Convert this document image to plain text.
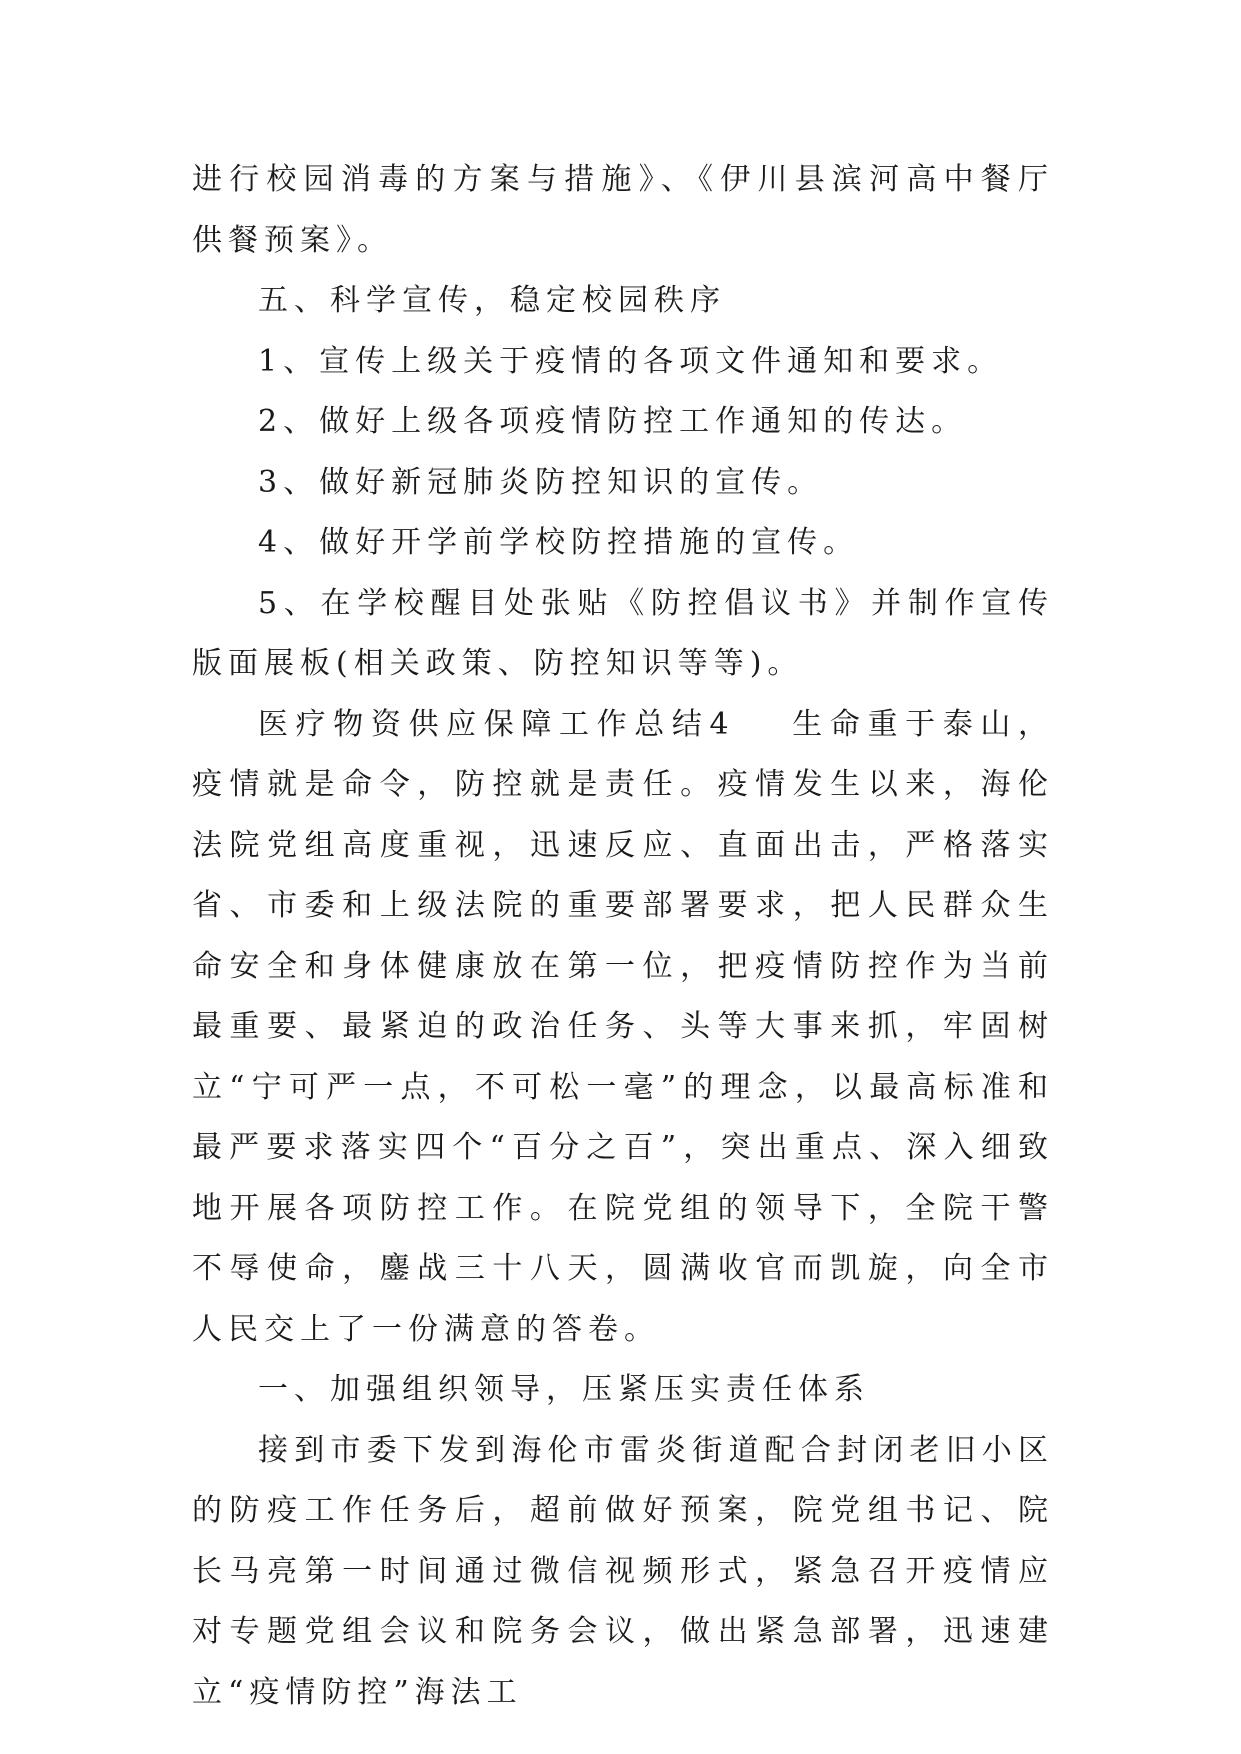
进行校园消毒的方案与措施》、《伊川县滨河高中餐厅供餐预案》。

五、科学宣传，稳定校园秩序

1、宣传上级关于疫情的各项文件通知和要求。

2、做好上级各项疫情防控工作通知的传达。

3、做好新冠肺炎防控知识的宣传。

4、做好开学前学校防控措施的宣传。

5、在学校醒目处张贴《防控倡议书》并制作宣传版面展板(相关政策、防控知识等等)。

医疗物资供应保障工作总结4 生命重于泰山，疫情就是命令，防控就是责任。疫情发生以来，海伦法院党组高度重视，迅速反应、直面出击，严格落实省、市委和上级法院的重要部署要求，把人民群众生命安全和身体健康放在第一位，把疫情防控作为当前最重要、最紧迫的政治任务、头等大事来抓，牢固树立“宁可严一点，不可松一毫”的理念，以最高标准和最严要求落实四个“百分之百”，突出重点、深入细致地开展各项防控工作。在院党组的领导下，全院干警不辱使命，鏖战三十八天，圆满收官而凯旋，向全市人民交上了一份满意的答卷。

一、加强组织领导，压紧压实责任体系

接到市委下发到海伦市雷炎街道配合封闭老旧小区的防疫工作任务后，超前做好预案，院党组书记、院长马亮第一时间通过微信视频形式，紧急召开疫情应对专题党组会议和院务会议，做出紧急部署，迅速建立“疫情防控”海法工
